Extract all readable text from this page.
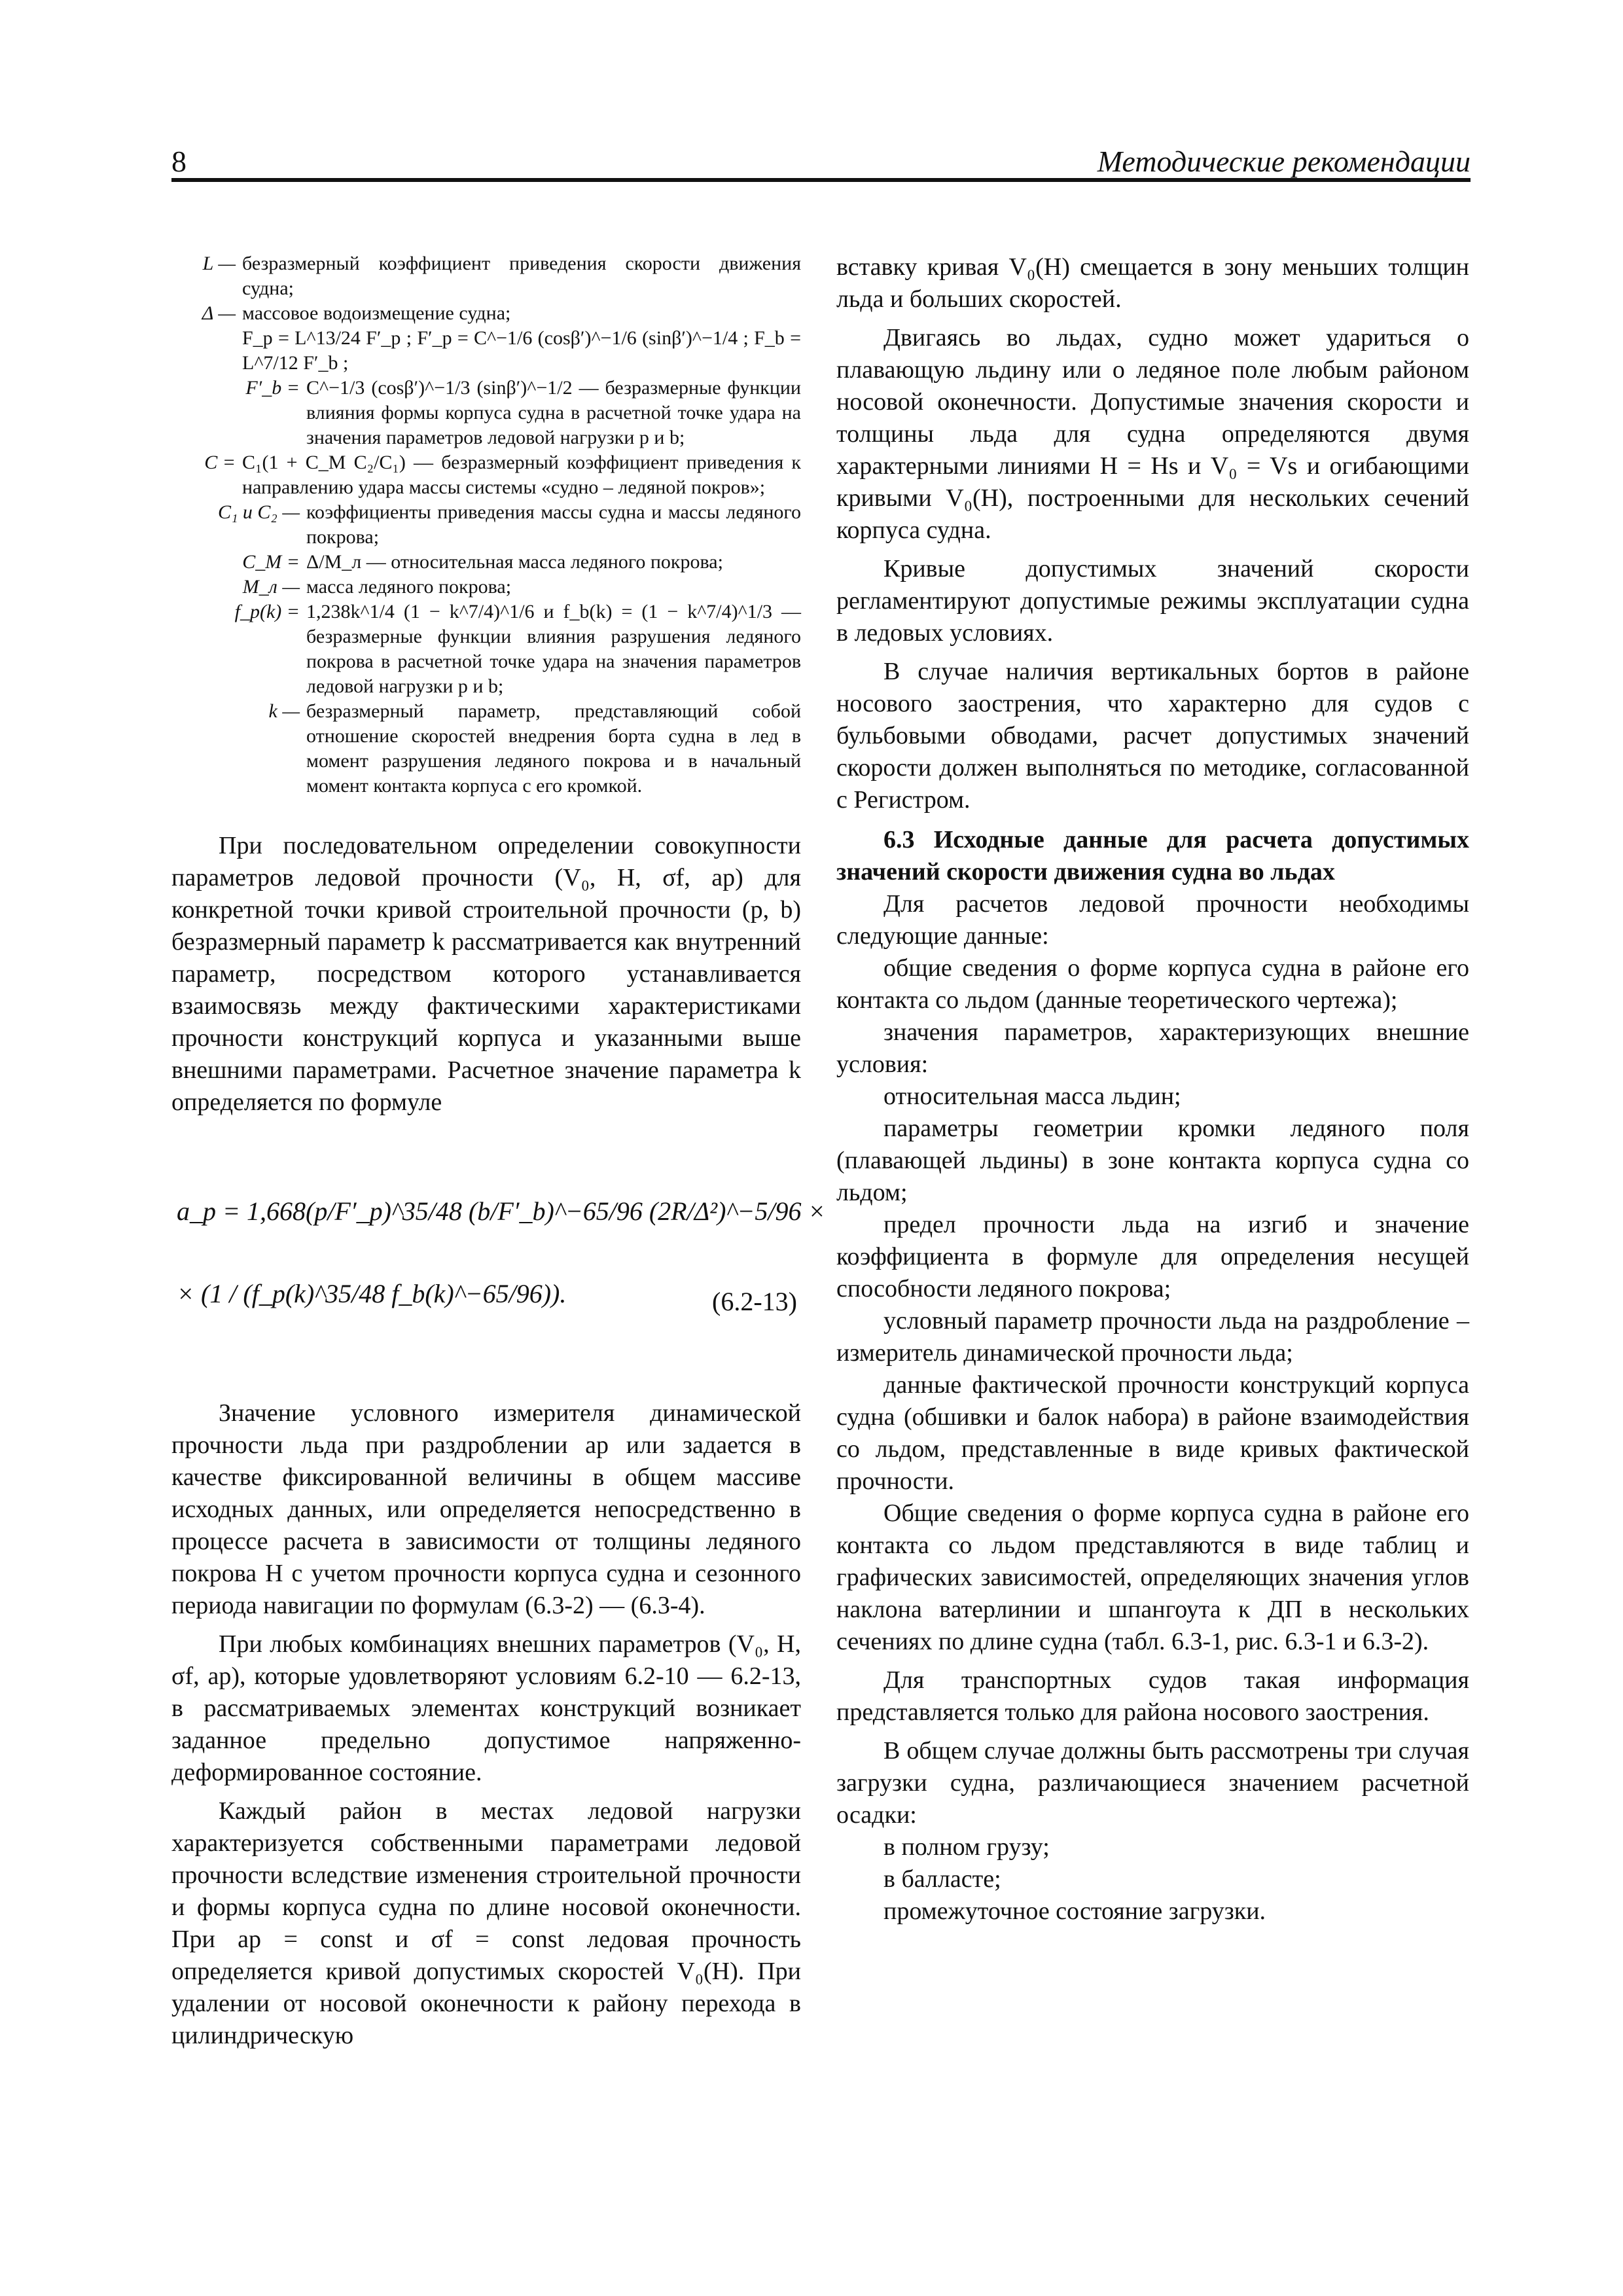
8	Методические рекомендации
L — безразмерный коэффициент приведения скорости движения судна;
Δ — массовое водоизмещение судна;
F_p = L^13/24 F′_p ; F′_p = C^−1/6 (cosβ′)^−1/6 (sinβ′)^−1/4 ; F_b = L^7/12 F′_b ;
F′_b = C^−1/3 (cosβ′)^−1/3 (sinβ′)^−1/2 — безразмерные функции влияния формы корпуса судна в расчетной точке удара на значения параметров ледовой нагрузки p и b;
C = C₁(1 + C_M C₂/C₁) — безразмерный коэффициент приведения к направлению удара массы системы «судно – ледяной покров»;
C₁ и C₂ — коэффициенты приведения массы судна и массы ледяного покрова;
C_M = Δ/M_л — относительная масса ледяного покрова;
M_л — масса ледяного покрова;
f_p(k) = 1,238k^1/4 (1 − k^7/4)^1/6 и f_b(k) = (1 − k^7/4)^1/3 — безразмерные функции влияния разрушения ледяного покрова в расчетной точке удара на значения параметров ледовой нагрузки p и b;
k — безразмерный параметр, представляющий собой отношение скоростей внедрения борта судна в лед в момент разрушения ледяного покрова и в начальный момент контакта корпуса с его кромкой.

При последовательном определении совокупности параметров ледовой прочности (V₀, H, σf, ap) для конкретной точки кривой строительной прочности (p, b) безразмерный параметр k рассматривается как внутренний параметр, посредством которого устанавливается взаимосвязь между фактическими характеристиками прочности конструкций корпуса и указанными выше внешними параметрами. Расчетное значение параметра k определяется по формуле

a_p = 1,668(p/F′_p)^35/48 (b/F′_b)^−65/96 (2R/Δ²)^−5/96 ×
× (1 / (f_p(k)^35/48 f_b(k)^−65/96)).	(6.2-13)

Значение условного измерителя динамической прочности льда при раздроблении ap или задается в качестве фиксированной величины в общем массиве исходных данных, или определяется непосредственно в процессе расчета в зависимости от толщины ледяного покрова H с учетом прочности корпуса судна и сезонного периода навигации по формулам (6.3-2) — (6.3-4).

При любых комбинациях внешних параметров (V₀, H, σf, ap), которые удовлетворяют условиям 6.2-10 — 6.2-13, в рассматриваемых элементах конструкций возникает заданное предельно допустимое напряженно-деформированное состояние.

Каждый район в местах ледовой нагрузки характеризуется собственными параметрами ледовой прочности вследствие изменения строительной прочности и формы корпуса судна по длине носовой оконечности. При ap = const и σf = const ледовая прочность определяется кривой допустимых скоростей V₀(H). При удалении от носовой оконечности к району перехода в цилиндрическую

вставку кривая V₀(H) смещается в зону меньших толщин льда и больших скоростей.

Двигаясь во льдах, судно может удариться о плавающую льдину или о ледяное поле любым районом носовой оконечности. Допустимые значения скорости и толщины льда для судна определяются двумя характерными линиями H = Hs и V₀ = Vs и огибающими кривыми V₀(H), построенными для нескольких сечений корпуса судна.

Кривые допустимых значений скорости регламентируют допустимые режимы эксплуатации судна в ледовых условиях.

В случае наличия вертикальных бортов в районе носового заострения, что характерно для судов с бульбовыми обводами, расчет допустимых значений скорости должен выполняться по методике, согласованной с Регистром.

6.3 Исходные данные для расчета допустимых значений скорости движения судна во льдах

Для расчетов ледовой прочности необходимы следующие данные:

общие сведения о форме корпуса судна в районе его контакта со льдом (данные теоретического чертежа);

значения параметров, характеризующих внешние условия:

относительная масса льдин;

параметры геометрии кромки ледяного поля (плавающей льдины) в зоне контакта корпуса судна со льдом;

предел прочности льда на изгиб и значение коэффициента в формуле для определения несущей способности ледяного покрова;

условный параметр прочности льда на раздробление – измеритель динамической прочности льда;

данные фактической прочности конструкций корпуса судна (обшивки и балок набора) в районе взаимодействия со льдом, представленные в виде кривых фактической прочности.

Общие сведения о форме корпуса судна в районе его контакта со льдом представляются в виде таблиц и графических зависимостей, определяющих значения углов наклона ватерлинии и шпангоута к ДП в нескольких сечениях по длине судна (табл. 6.3-1, рис. 6.3-1 и 6.3-2).

Для транспортных судов такая информация представляется только для района носового заострения.

В общем случае должны быть рассмотрены три случая загрузки судна, различающиеся значением расчетной осадки:

в полном грузу;

в балласте;

промежуточное состояние загрузки.
